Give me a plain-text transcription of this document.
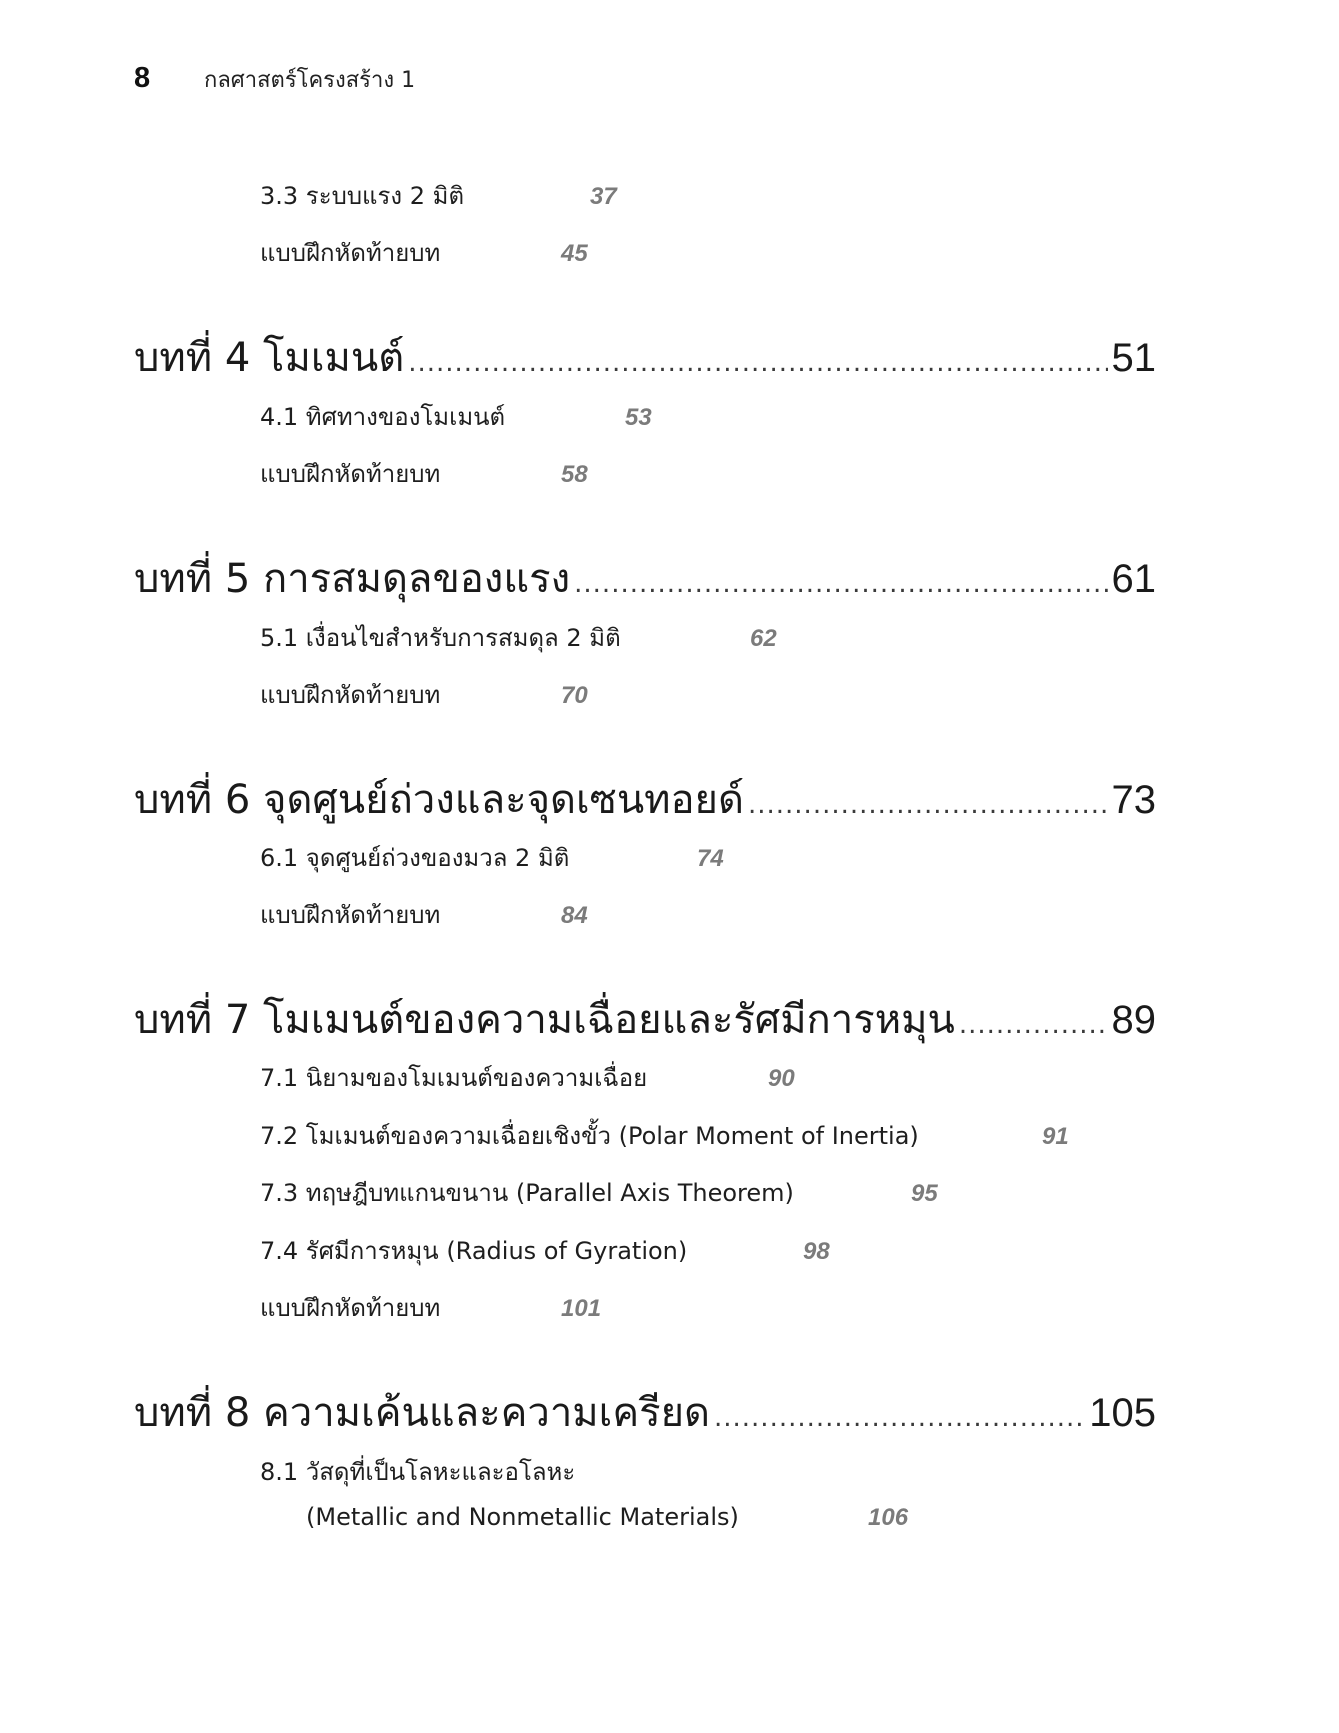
8	กลศาสตร์โครงสร้าง 1
3.3 ระบบแรง 2 มิติ	37
แบบฝึกหัดท้ายบท	45
บทที่ 4 โมเมนต์ .....	51
4.1 ทิศทางของโมเมนต์	53
แบบฝึกหัดท้ายบท	58
บทที่ 5 การสมดุลของแรง .....	61
5.1 เงื่อนไขสำหรับการสมดุล 2 มิติ	62
แบบฝึกหัดท้ายบท	70
บทที่ 6 จุดศูนย์ถ่วงและจุดเซนทอยด์ .....	73
6.1 จุดศูนย์ถ่วงของมวล 2 มิติ	74
แบบฝึกหัดท้ายบท	84
บทที่ 7 โมเมนต์ของความเฉื่อยและรัศมีการหมุน .....	89
7.1 นิยามของโมเมนต์ของความเฉื่อย	90
7.2 โมเมนต์ของความเฉื่อยเชิงขั้ว (Polar Moment of Inertia)	91
7.3 ทฤษฎีบทแกนขนาน (Parallel Axis Theorem)	95
7.4 รัศมีการหมุน (Radius of Gyration)	98
แบบฝึกหัดท้ายบท	101
บทที่ 8 ความเค้นและความเครียด .....	105
8.1 วัสดุที่เป็นโลหะและอโลหะ
(Metallic and Nonmetallic Materials)	106
